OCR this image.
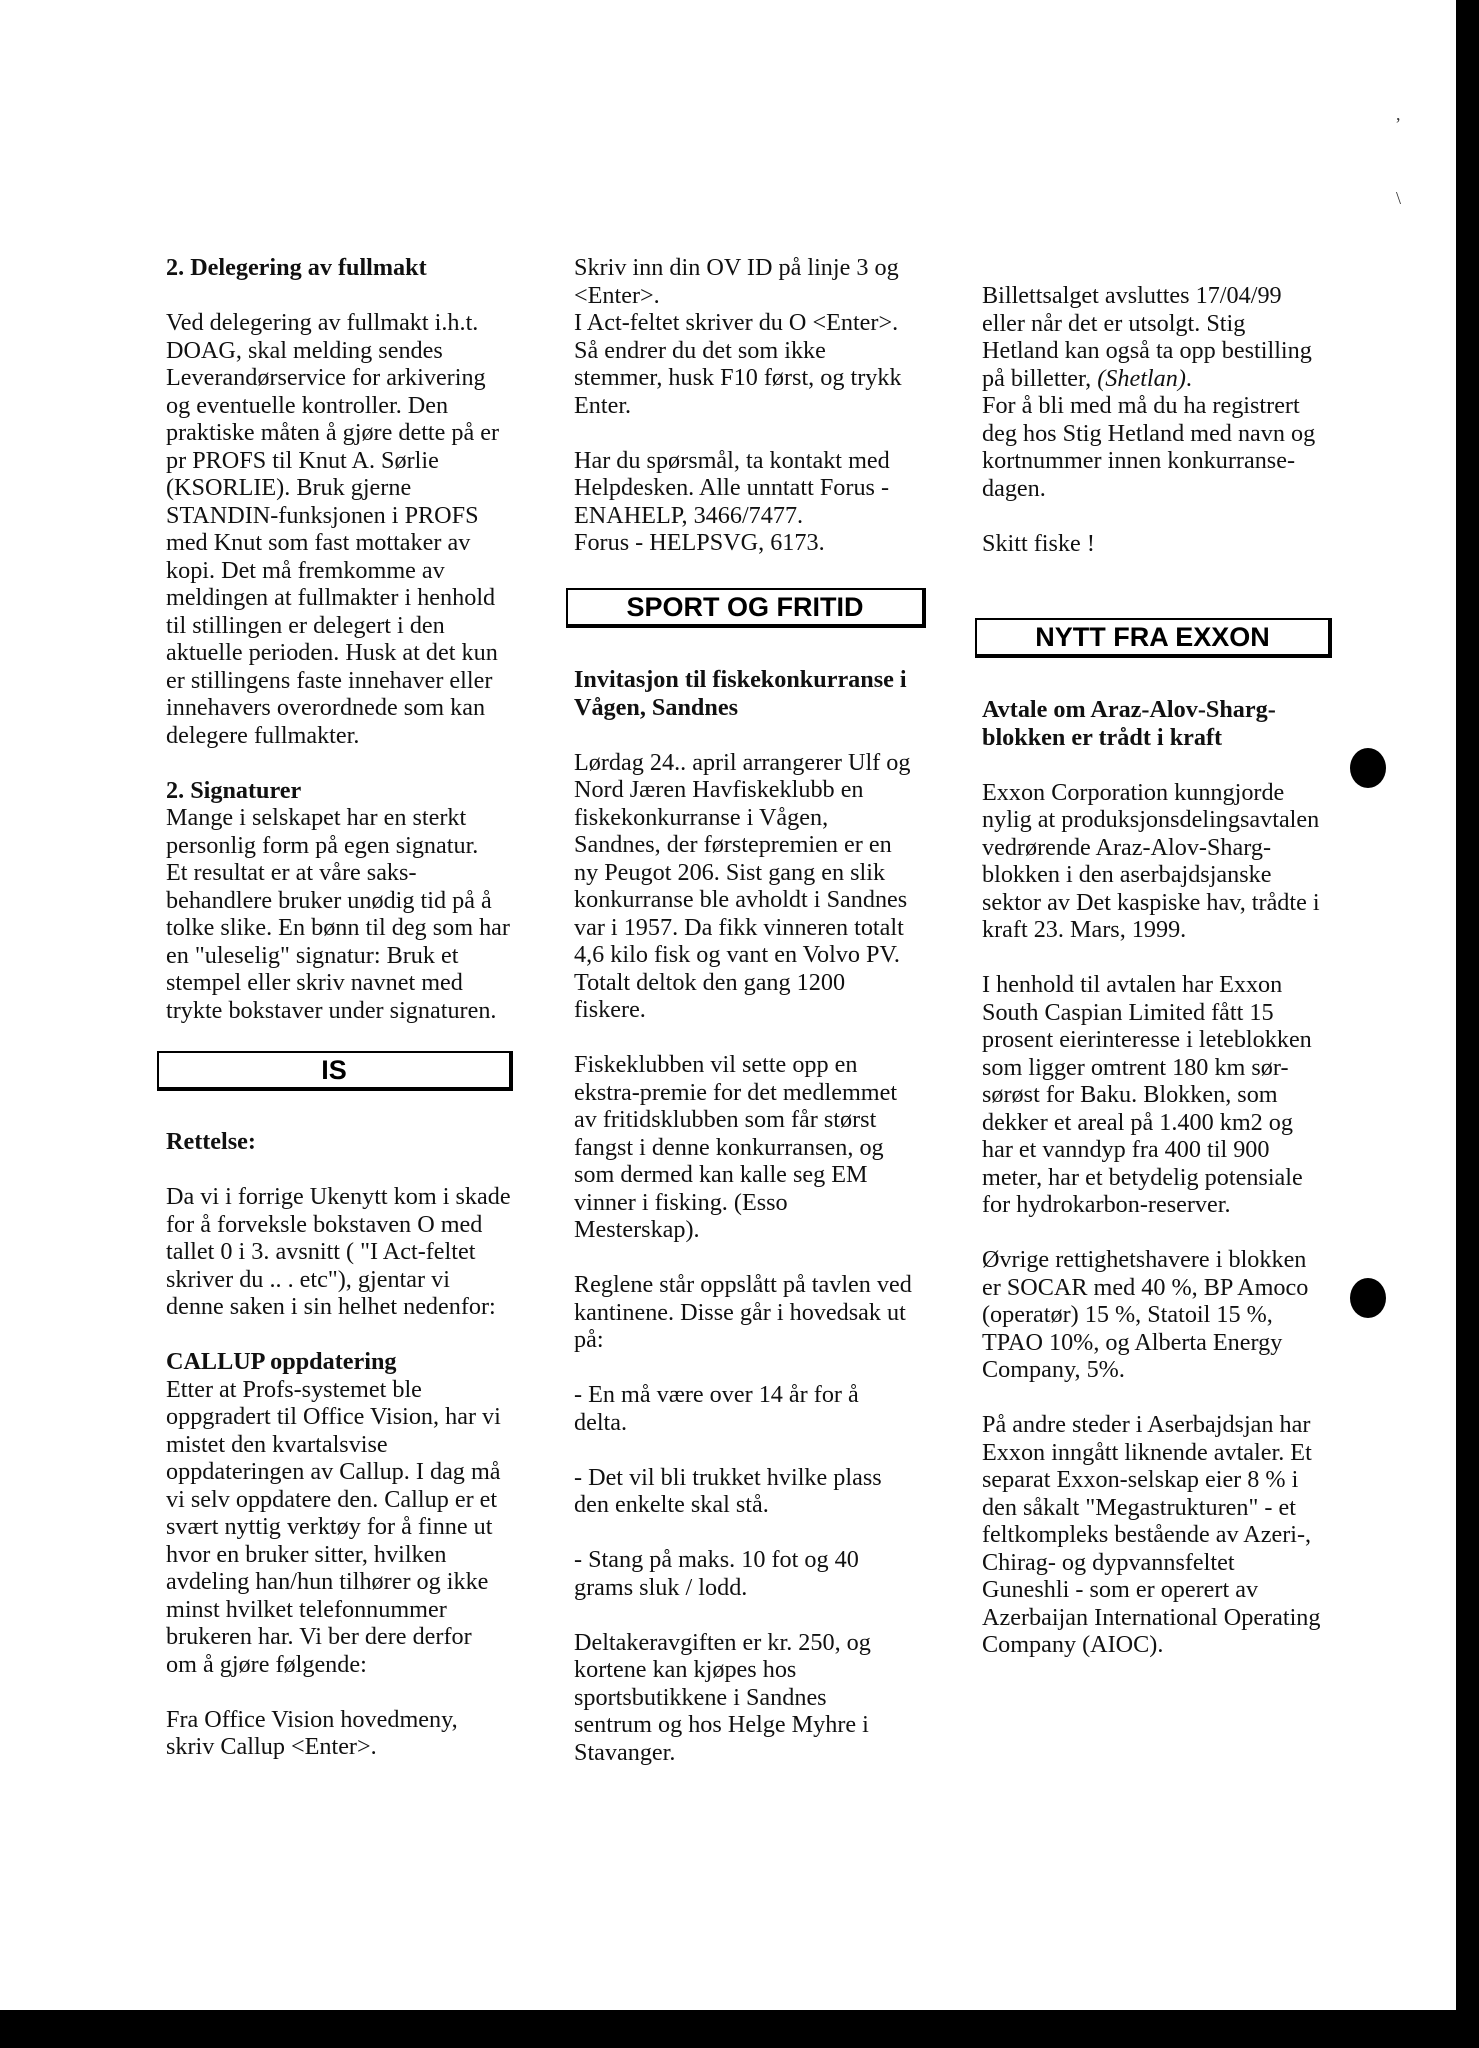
2. Delegering av fullmakt

Ved delegering av fullmakt i.h.t.
DOAG, skal melding sendes
Leverandørservice for arkivering
og eventuelle kontroller. Den
praktiske måten å gjøre dette på er
pr PROFS til Knut A. Sørlie
(KSORLIE). Bruk gjerne
STANDIN-funksjonen i PROFS
med Knut som fast mottaker av
kopi. Det må fremkomme av
meldingen at fullmakter i henhold
til stillingen er delegert i den
aktuelle perioden. Husk at det kun
er stillingens faste innehaver eller
innehavers overordnede som kan
delegere fullmakter.

2. Signaturer

Mange i selskapet har en sterkt
personlig form på egen signatur.
Et resultat er at våre saks-
behandlere bruker unødig tid på å
tolke slike. En bønn til deg som har
en "uleselig" signatur: Bruk et
stempel eller skriv navnet med
trykte bokstaver under signaturen.

IS
Rettelse:

Da vi i forrige Ukenytt kom i skade
for å forveksle bokstaven O med
tallet 0 i 3. avsnitt ( "I Act-feltet
skriver du .. . etc"), gjentar vi
denne saken i sin helhet nedenfor:

CALLUP oppdatering

Etter at Profs-systemet ble
oppgradert til Office Vision, har vi
mistet den kvartalsvise
oppdateringen av Callup. I dag må
vi selv oppdatere den. Callup er et
svært nyttig verktøy for å finne ut
hvor en bruker sitter, hvilken
avdeling han/hun tilhører og ikke
minst hvilket telefonnummer
brukeren har. Vi ber dere derfor
om å gjøre følgende:

Fra Office Vision hovedmeny,
skriv Callup <Enter>.

Skriv inn din OV ID på linje 3 og
<Enter>.
I Act-feltet skriver du O <Enter>.
Så endrer du det som ikke
stemmer, husk F10 først, og trykk
Enter.

Har du spørsmål, ta kontakt med
Helpdesken. Alle unntatt Forus -
ENAHELP, 3466/7477.
Forus - HELPSVG, 6173.

SPORT OG FRITID
Invitasjon til fiskekonkurranse i
Vågen, Sandnes

Lørdag 24.. april arrangerer Ulf og
Nord Jæren Havfiskeklubb en
fiskekonkurranse i Vågen,
Sandnes, der førstepremien er en
ny Peugot 206. Sist gang en slik
konkurranse ble avholdt i Sandnes
var i 1957. Da fikk vinneren totalt
4,6 kilo fisk og vant en Volvo PV.
Totalt deltok den gang 1200
fiskere.

Fiskeklubben vil sette opp en
ekstra-premie for det medlemmet
av fritidsklubben som får størst
fangst i denne konkurransen, og
som dermed kan kalle seg EM
vinner i fisking. (Esso
Mesterskap).

Reglene står oppslått på tavlen ved
kantinene. Disse går i hovedsak ut
på:

- En må være over 14 år for å
delta.

- Det vil bli trukket hvilke plass
den enkelte skal stå.

- Stang på maks. 10 fot og 40
grams sluk / lodd.

Deltakeravgiften er kr. 250, og
kortene kan kjøpes hos
sportsbutikkene i Sandnes
sentrum og hos Helge Myhre i
Stavanger.

Billettsalget avsluttes 17/04/99
eller når det er utsolgt. Stig
Hetland kan også ta opp bestilling
på billetter, (Shetlan).

For å bli med må du ha registrert
deg hos Stig Hetland med navn og
kortnummer innen konkurranse-
dagen.

Skitt fiske !

NYTT FRA EXXON
Avtale om Araz-Alov-Sharg-
blokken er trådt i kraft

Exxon Corporation kunngjorde
nylig at produksjonsdelingsavtalen
vedrørende Araz-Alov-Sharg-
blokken i den aserbajdsjanske
sektor av Det kaspiske hav, trådte i
kraft 23. Mars, 1999.

I henhold til avtalen har Exxon
South Caspian Limited fått 15
prosent eierinteresse i leteblokken
som ligger omtrent 180 km sør-
sørøst for Baku. Blokken, som
dekker et areal på 1.400 km2 og
har et vanndyp fra 400 til 900
meter, har et betydelig potensiale
for hydrokarbon-reserver.

Øvrige rettighetshavere i blokken
er SOCAR med 40 %, BP Amoco
(operatør) 15 %, Statoil 15 %,
TPAO 10%, og Alberta Energy
Company, 5%.

På andre steder i Aserbajdsjan har
Exxon inngått liknende avtaler. Et
separat Exxon-selskap eier 8 % i
den såkalt "Megastrukturen" - et
feltkompleks bestående av Azeri-,
Chirag- og dypvannsfeltet
Guneshli - som er operert av
Azerbaijan International Operating
Company (AIOC).

,
\
